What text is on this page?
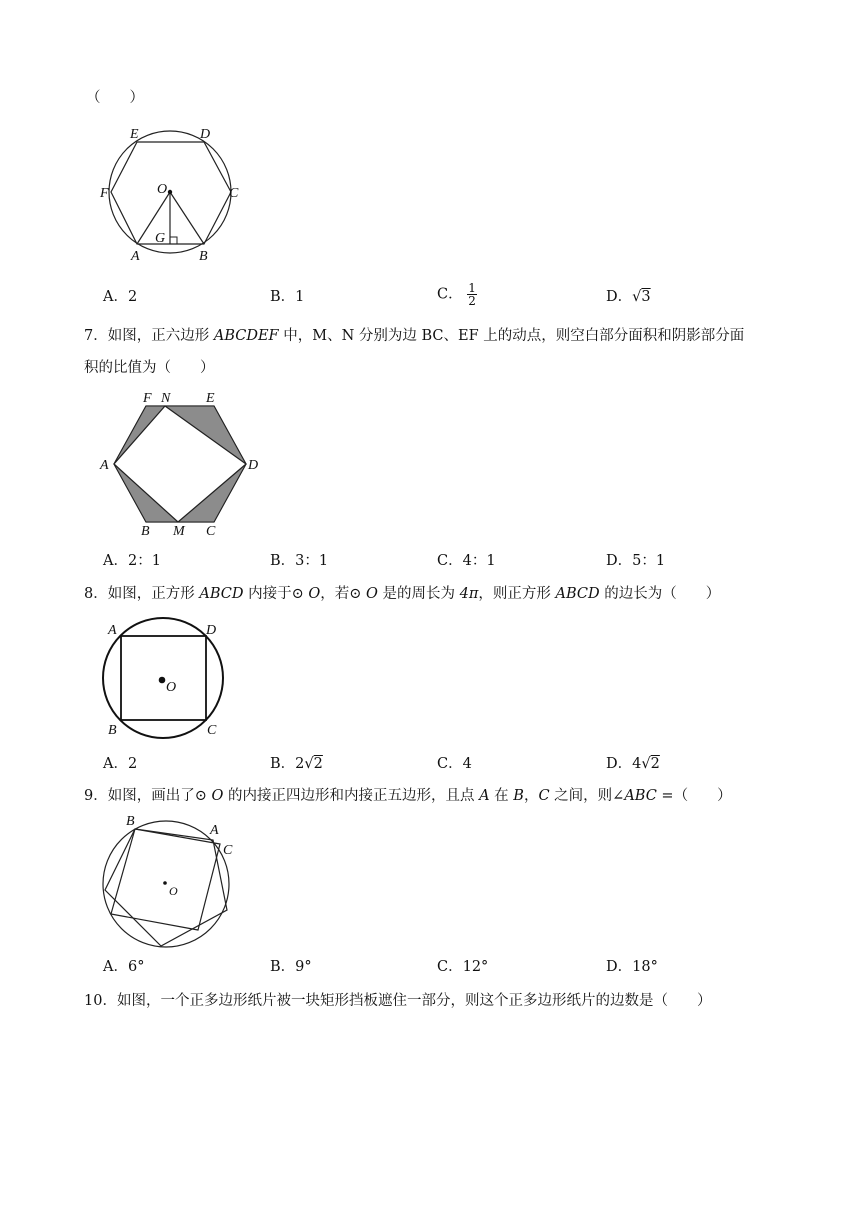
（　　）
E	D
F	C
O
G
A	B
A．2	B．1	C． $\frac{1}{2}$	D．√3
7．如图，正六边形 ABCDEF 中，M、N 分别为边 BC、EF 上的动点，则空白部分面积和阴影部分面
积的比值为（　　）
F N	E
A	D
B M C
A．2：1	B．3：1	C．4：1	D．5：1
8．如图，正方形 ABCD 内接于⊙ O，若⊙ O 是的周长为 4π，则正方形 ABCD 的边长为（　　）
A	D
O
B	C
A．2	B．2√2	C．4	D．4√2
9．如图，画出了⊙ O 的内接正四边形和内接正五边形，且点 A 在 B，C 之间，则∠ABC =（　　）
B
A
C
O
A．6°	B．9°	C．12°	D．18°
10．如图，一个正多边形纸片被一块矩形挡板遮住一部分，则这个正多边形纸片的边数是（　　）
